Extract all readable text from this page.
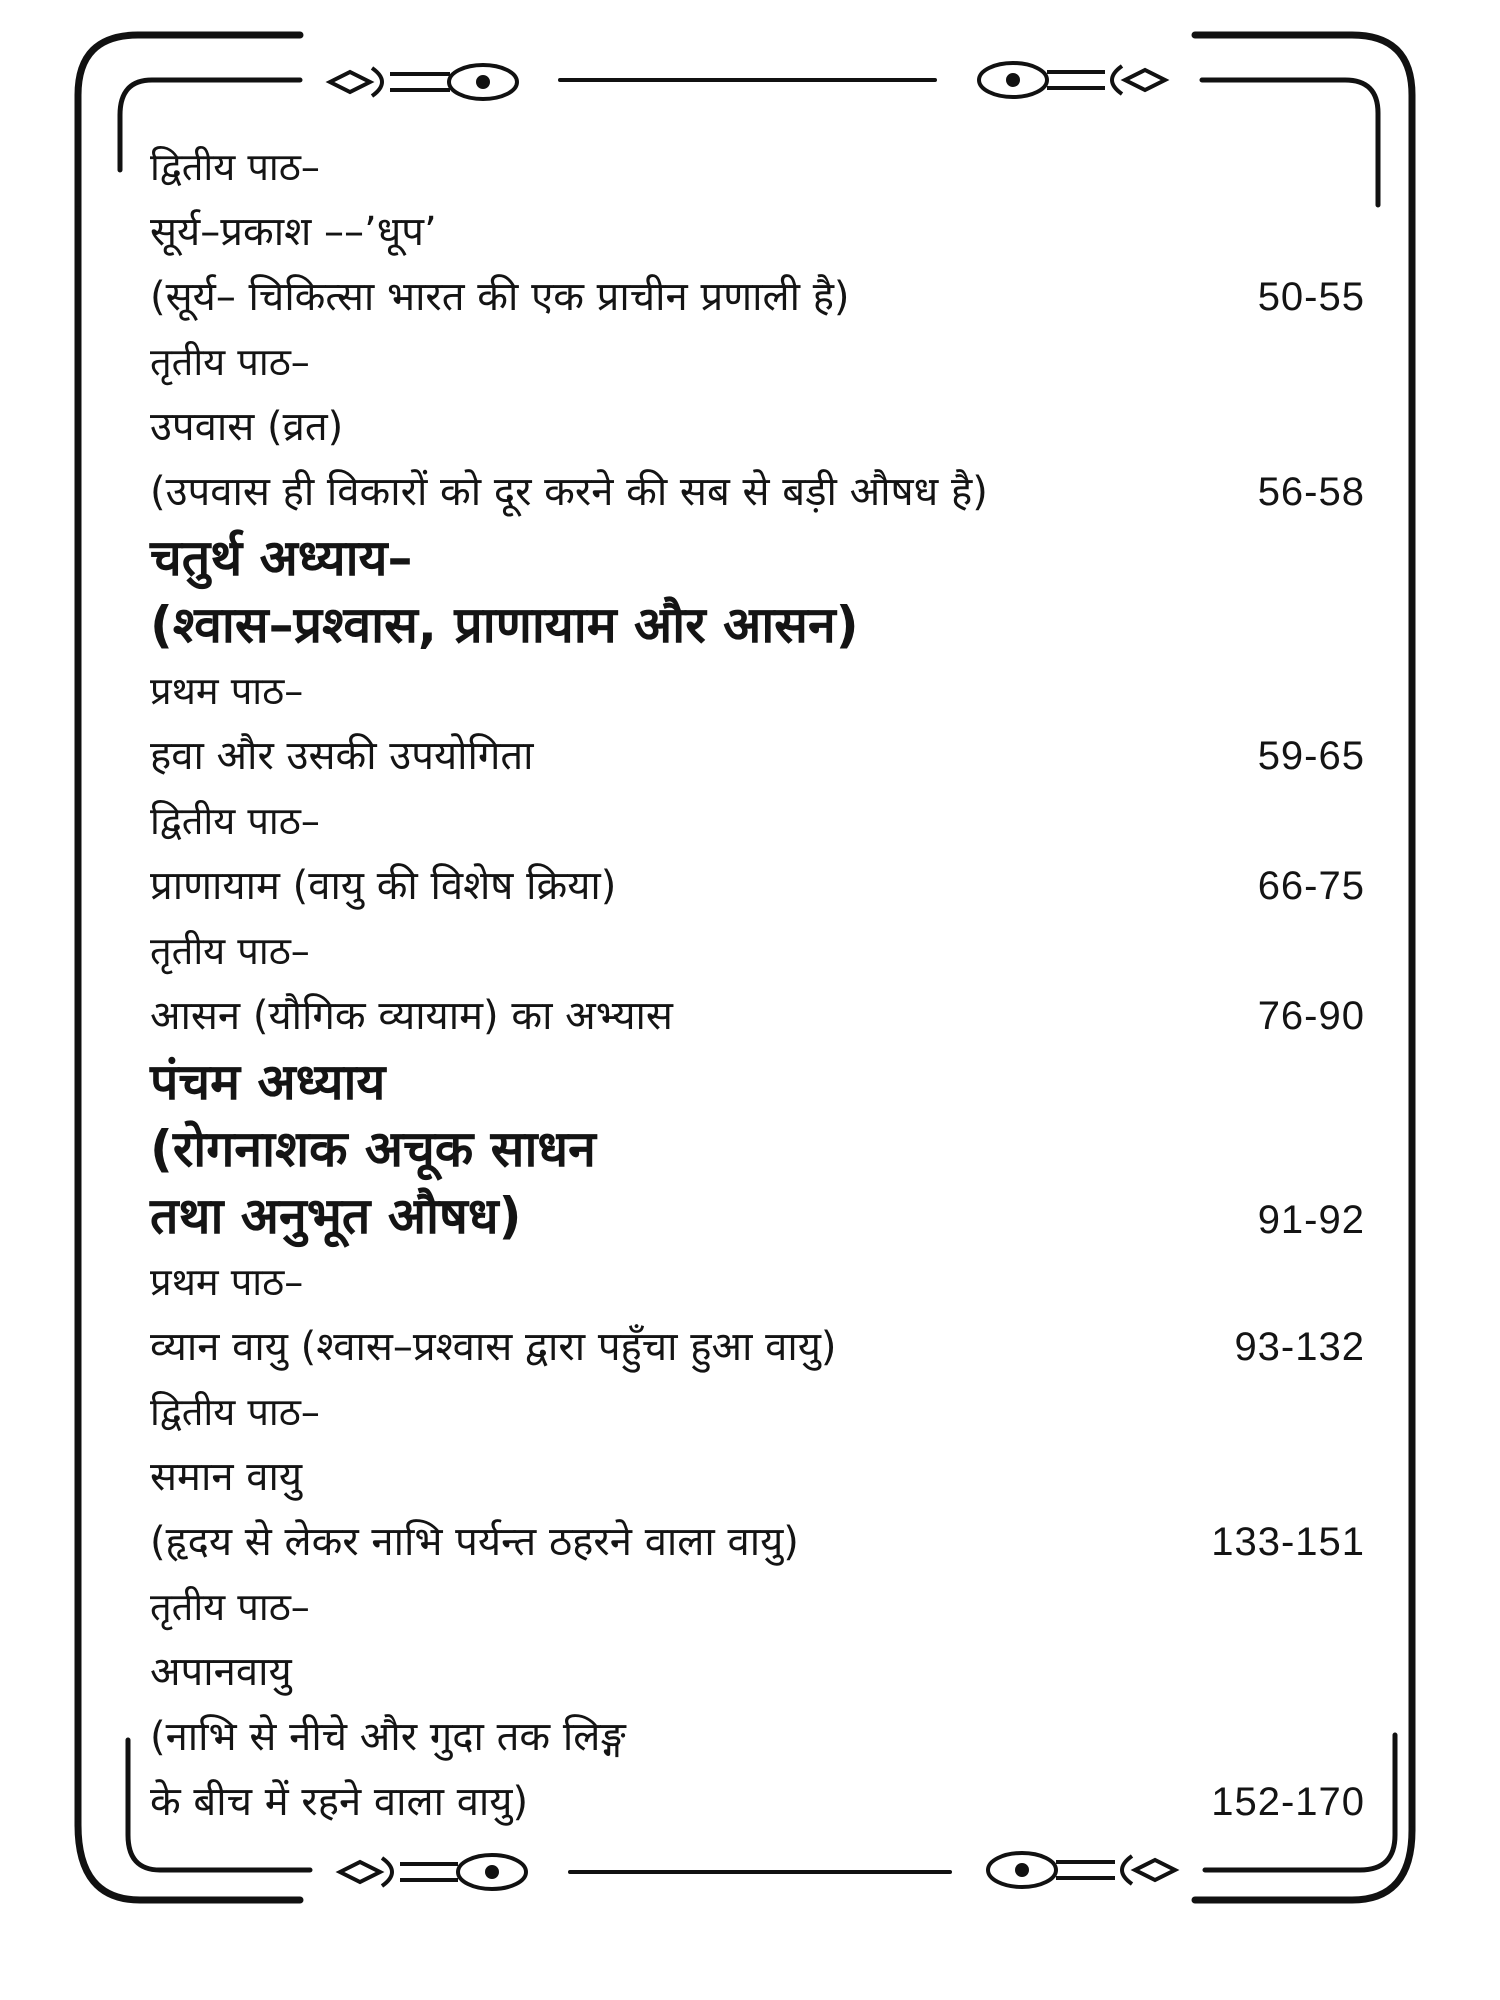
द्वितीय पाठ–
सूर्य–प्रकाश ––’धूप’
(सूर्य– चिकित्सा भारत की एक प्राचीन प्रणाली है)	50-55
तृतीय पाठ–
उपवास (व्रत)
(उपवास ही विकारों को दूर करने की सब से बड़ी औषध है)	56-58
चतुर्थ अध्याय–
(श्वास–प्रश्वास, प्राणायाम और आसन)
प्रथम पाठ–
हवा और उसकी उपयोगिता	59-65
द्वितीय पाठ–
प्राणायाम (वायु की विशेष क्रिया)	66-75
तृतीय पाठ–
आसन (यौगिक व्यायाम) का अभ्यास	76-90
पंचम अध्याय
(रोगनाशक अचूक साधन
तथा अनुभूत औषध)	91-92
प्रथम पाठ–
व्यान वायु (श्वास–प्रश्वास द्वारा पहुँचा हुआ वायु)	93-132
द्वितीय पाठ–
समान वायु
(हृदय से लेकर नाभि पर्यन्त ठहरने वाला वायु)	133-151
तृतीय पाठ–
अपानवायु
(नाभि से नीचे और गुदा तक लिङ्ग
के बीच में रहने वाला वायु)	152-170
